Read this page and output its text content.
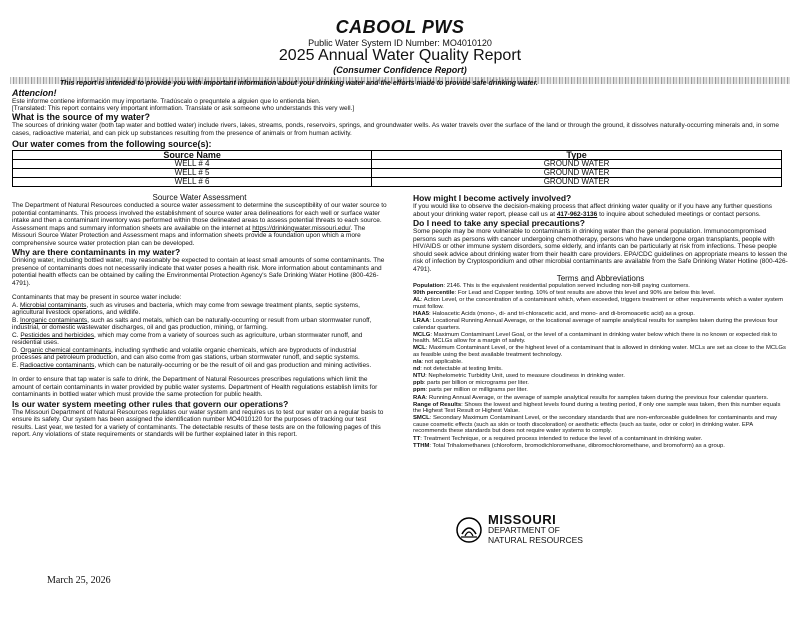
CABOOL PWS
Public Water System ID Number: MO4010120
2025 Annual Water Quality Report
(Consumer Confidence Report)
This report is intended to provide you with important information about your drinking water and the efforts made to provide safe drinking water.

Attencion!

Este informe contiene información muy importante. Tradúscalo o prequntele a alguien que lo entienda bien.

[Translated: This report contains very important information. Translate or ask someone who understands this very well.]

What is the source of my water?

The sources of drinking water (both tap water and bottled water) include rivers, lakes, streams, ponds, reservoirs, springs, and groundwater wells. As water travels over the surface of the land or through the ground, it dissolves naturally-occurring minerals and, in some cases, radioactive material, and can pick up substances resulting from the presence of animals or from human activity.

Our water comes from the following source(s):

Source Name	Type
WELL # 4	GROUND WATER
WELL # 5	GROUND WATER
WELL # 6	GROUND WATER

Source Water Assessment

The Department of Natural Resources conducted a source water assessment to determine the susceptibility of our water source to potential contaminants. This process involved the establishment of source water area delineations for each well or surface water intake and then a contaminant inventory was performed within those delineated areas to assess potential threats to each source. Assessment maps and summary information sheets are available on the internet at https://drinkingwater.missouri.edu/. The Missouri Source Water Protection and Assessment maps and information sheets provide a foundation upon which a more comprehensive source water protection plan can be developed.

Why are there contaminants in my water?

Drinking water, including bottled water, may reasonably be expected to contain at least small amounts of some contaminants. The presence of contaminants does not necessarily indicate that water poses a health risk. More information about contaminants and potential health effects can be obtained by calling the Environmental Protection Agency's Safe Drinking Water Hotline (800-426-4791).

Contaminants that may be present in source water include:

A. Microbial contaminants, such as viruses and bacteria, which may come from sewage treatment plants, septic systems, agricultural livestock operations, and wildlife.
B. Inorganic contaminants, such as salts and metals, which can be naturally-occurring or result from urban stormwater runoff, industrial, or domestic wastewater discharges, oil and gas production, mining, or farming.
C. Pesticides and herbicides, which may come from a variety of sources such as agriculture, urban stormwater runoff, and residential uses.
D. Organic chemical contaminants, including synthetic and volatile organic chemicals, which are byproducts of industrial processes and petroleum production, and can also come from gas stations, urban stormwater runoff, and septic systems.
E. Radioactive contaminants, which can be naturally-occurring or be the result of oil and gas production and mining activities.

In order to ensure that tap water is safe to drink, the Department of Natural Resources prescribes regulations which limit the amount of certain contaminants in water provided by public water systems. Department of Health regulations establish limits for contaminants in bottled water which must provide the same protection for public health.

Is our water system meeting other rules that govern our operations?

The Missouri Department of Natural Resources regulates our water system and requires us to test our water on a regular basis to ensure its safety. Our system has been assigned the identification number MO4010120 for the purposes of tracking our test results. Last year, we tested for a variety of contaminants. The detectable results of these tests are on the following pages of this report. Any violations of state requirements or standards will be further explained later in this report.

How might I become actively involved?

If you would like to observe the decision-making process that affect drinking water quality or if you have any further questions about your drinking water report, please call us at 417-962-3136 to inquire about scheduled meetings or contact persons.

Do I need to take any special precautions?

Some people may be more vulnerable to contaminants in drinking water than the general population. Immunocompromised persons such as persons with cancer undergoing chemotherapy, persons who have undergone organ transplants, people with HIV/AIDS or other immune system disorders, some elderly, and infants can be particularly at risk from infections. These people should seek advice about drinking water from their health care providers. EPA/CDC guidelines on appropriate means to lessen the risk of infection by Cryptosporidium and other microbial contaminants are available from the Safe Drinking Water Hotline (800-426-4791).

Terms and Abbreviations

Population: 2146. This is the equivalent residential population served including non-bill paying customers.

90th percentile: For Lead and Copper testing. 10% of test results are above this level and 90% are below this level.

AL: Action Level, or the concentration of a contaminant which, when exceeded, triggers treatment or other requirements which a water system must follow.

HAA5: Haloacetic Acids (mono-, di- and tri-chloracetic acid, and mono- and di-bromoacetic acid) as a group.

LRAA: Locational Running Annual Average, or the locational average of sample analytical results for samples taken during the previous four calendar quarters.

MCLG: Maximum Contaminant Level Goal, or the level of a contaminant in drinking water below which there is no known or expected risk to health. MCLGs allow for a margin of safety.

MCL: Maximum Contaminant Level, or the highest level of a contaminant that is allowed in drinking water. MCLs are set as close to the MCLGs as feasible using the best available treatment technology.

n/a: not applicable.

nd: not detectable at testing limits.

NTU: Nephelometric Turbidity Unit, used to measure cloudiness in drinking water.

ppb: parts per billion or micrograms per liter.

ppm: parts per million or milligrams per liter.

RAA: Running Annual Average, or the average of sample analytical results for samples taken during the previous four calendar quarters.

Range of Results: Shows the lowest and highest levels found during a testing period, if only one sample was taken, then this number equals the Highest Test Result or Highest Value.

SMCL: Secondary Maximum Contaminant Level, or the secondary standards that are non-enforceable guidelines for contaminants and may cause cosmetic effects (such as skin or tooth discoloration) or aesthetic effects (such as taste, odor or color) in drinking water. EPA recommends these standards but does not require water systems to comply.

TT: Treatment Technique, or a required process intended to reduce the level of a contaminant in drinking water.

TTHM: Total Trihalomethanes (chloroform, bromodichloromethane, dibromochloromethane, and bromoform) as a group.

MISSOURI
DEPARTMENT OF
NATURAL RESOURCES
March 25, 2026
